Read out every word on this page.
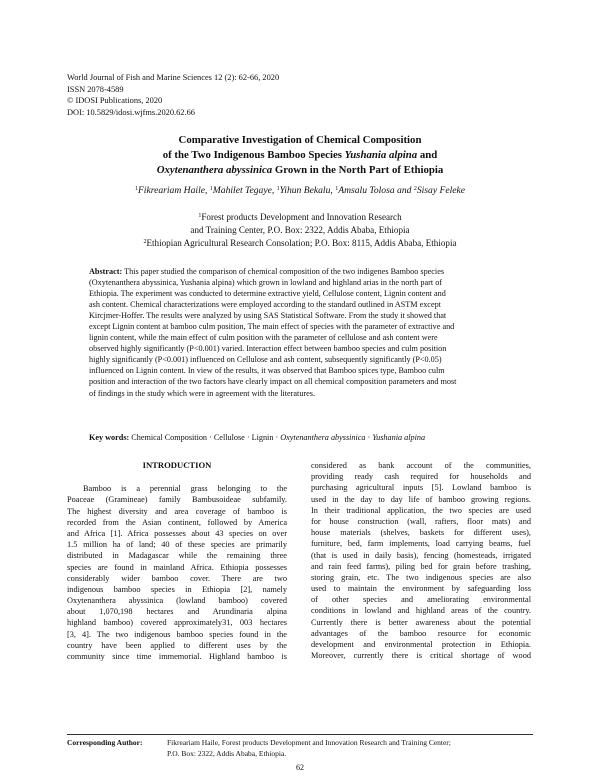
World Journal of Fish and Marine Sciences 12 (2): 62-66, 2020
ISSN 2078-4589
© IDOSI Publications, 2020
DOI: 10.5829/idosi.wjfms.2020.62.66
Comparative Investigation of Chemical Composition
of the Two Indigenous Bamboo Species Yushania alpina and
Oxytenanthera abyssinica Grown in the North Part of Ethiopia
$^1$Fikreariam Haile, $^1$Mahilet Tegaye, $^1$Yihun Bekalu, $^1$Amsalu Tolosa and $^2$Sisay Feleke
$^1$Forest products Development and Innovation Research
and Training Center, P.O. Box: 2322, Addis Ababa, Ethiopia
$^2$Ethiopian Agricultural Research Consolation; P.O. Box: 8115, Addis Ababa, Ethiopia
Abstract: This paper studied the comparison of chemical composition of the two indigenes Bamboo species
(Oxytenanthera abyssinica, Yushania alpina) which grown in lowland and highland arias in the north part of
Ethiopia. The experiment was conducted to determine extractive yield, Cellulose content, Lignin content and
ash content. Chemical characterizations were employed according to the standard outlined in ASTM except
Kircjmer-Hoffer. The results were analyzed by using SAS Statistical Software. From the study it showed that
except Lignin content at bamboo culm position, The main effect of species with the parameter of extractive and
lignin content, while the main effect of culm position with the parameter of cellulose and ash content were
observed highly significantly (P<0.001) varied. Interaction effect between bamboo species and culm position
highly significantly (P<0.001) influenced on Cellulose and ash content, subsequently significantly (P<0.05)
influenced on Lignin content. In view of the results, it was observed that Bamboo spices type, Bamboo culm
position and interaction of the two factors have clearly impact on all chemical composition parameters and most
of findings in the study which were in agreement with the literatures.
Key words: Chemical Composition · Cellulose · Lignin · Oxytenanthera abyssinica · Yushania alpina
INTRODUCTION
Bamboo is a perennial grass belonging to the
Poaceae (Gramineae) family Bambusoideae subfamily.
The highest diversity and area coverage of bamboo is
recorded from the Asian continent, followed by America
and Africa [1]. Africa possesses about 43 species on over
1.5 million ha of land; 40 of these species are primarily
distributed in Madagascar while the remaining three
species are found in mainland Africa. Ethiopia possesses
considerably wider bamboo cover. There are two
indigenous bamboo species in Ethiopia [2], namely
Oxytenanthera abyssinica (lowland bamboo) covered
about 1,070,198 hectares and Arundinaria alpina
highland bamboo) covered approximately31, 003 hectares
[3, 4]. The two indigenous bamboo species found in the
country have been applied to different uses by the
community since time immemorial. Highland bamboo is
considered as bank account of the communities,
providing ready cash required for households and
purchasing agricultural inputs [5]. Lowland bamboo is
used in the day to day life of bamboo growing regions.
In their traditional application, the two species are used
for house construction (wall, rafters, floor mats) and
house materials (shelves, baskets for different uses),
furniture, bed, farm implements, load carrying beams, fuel
(that is used in daily basis), fencing (homesteads, irrigated
and rain feed farms), piling bed for grain before trashing,
storing grain, etc. The two indigenous species are also
used to maintain the environment by safeguarding loss
of other species and ameliorating environmental
conditions in lowland and highland areas of the country.
Currently there is better awareness about the potential
advantages of the bamboo resource for economic
development and environmental protection in Ethiopia.
Moreover, currently there is critical shortage of wood
Corresponding Author:	Fikreariam Haile, Forest products Development and Innovation Research and Training Center;
P.O. Box: 2322, Addis Ababa, Ethiopia.
62
